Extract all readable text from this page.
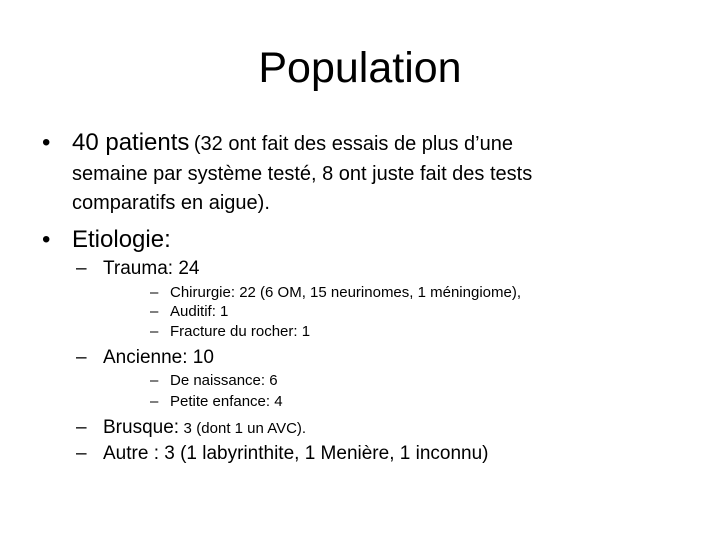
Population
• 40 patients (32 ont fait des essais de plus d’une
semaine par système testé, 8 ont juste fait des tests
comparatifs en aigue).
• Etiologie:
– Trauma: 24
– Chirurgie: 22 (6 OM, 15 neurinomes, 1 méningiome),
– Auditif: 1
– Fracture du rocher: 1
– Ancienne: 10
– De naissance: 6
– Petite enfance: 4
– Brusque: 3 (dont 1 un AVC).
– Autre : 3 (1 labyrinthite, 1 Menière, 1 inconnu)
